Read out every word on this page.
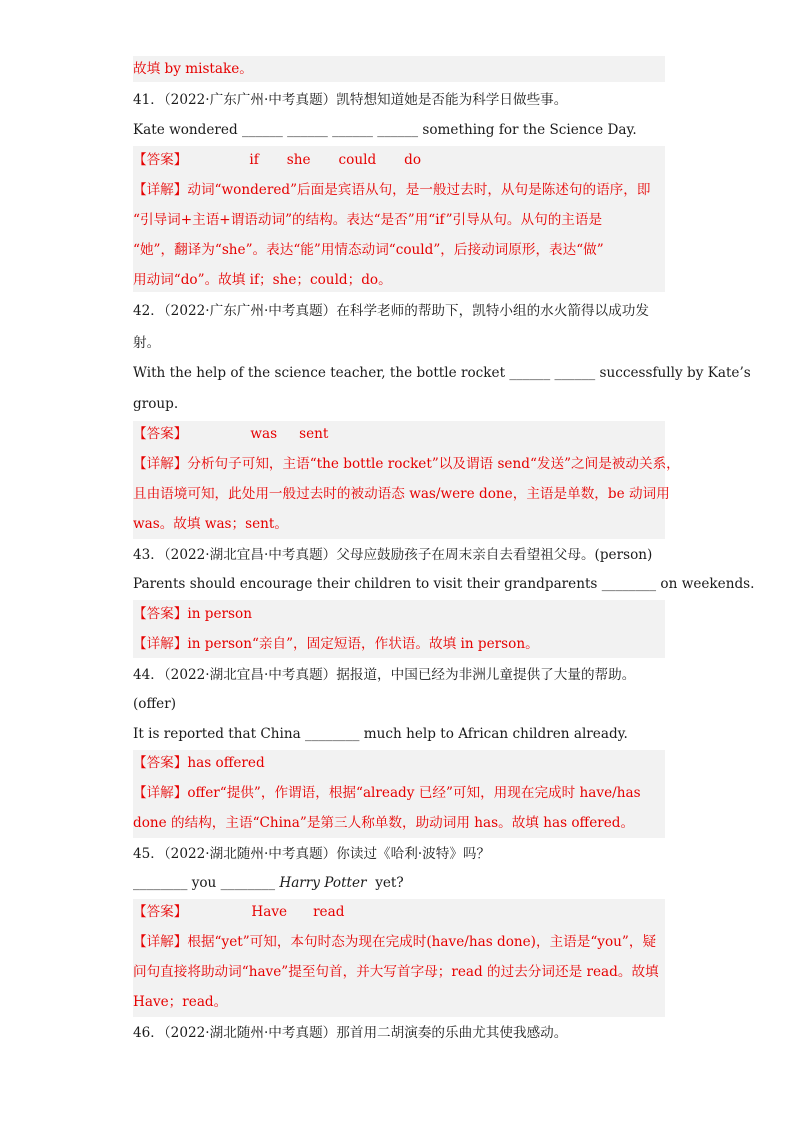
故填 by mistake。
41．（2022·广东广州·中考真题）凯特想知道她是否能为科学日做些事。
Kate wondered ______ ______ ______ ______ something for the Science Day.
【答案】	if she could do
【详解】动词“wondered”后面是宾语从句，是一般过去时，从句是陈述句的语序，即
“引导词+主语+谓语动词”的结构。表达“是否”用“if”引导从句。从句的主语是
“她”，翻译为“she”。表达“能”用情态动词“could”，后接动词原形，表达“做”
用动词“do”。故填 if；she；could；do。
42．（2022·广东广州·中考真题）在科学老师的帮助下，凯特小组的水火箭得以成功发
射。
With the help of the science teacher, the bottle rocket ______ ______ successfully by Kate’s
group.
【答案】	was sent
【详解】分析句子可知，主语“the bottle rocket”以及谓语 send“发送”之间是被动关系，
且由语境可知，此处用一般过去时的被动语态 was/were done，主语是单数，be 动词用
was。故填 was；sent。
43．（2022·湖北宜昌·中考真题）父母应鼓励孩子在周末亲自去看望祖父母。(person)
Parents should encourage their children to visit their grandparents ________ on weekends.
【答案】in person
【详解】in person“亲自”，固定短语，作状语。故填 in person。
44．（2022·湖北宜昌·中考真题）据报道，中国已经为非洲儿童提供了大量的帮助。
(offer)
It is reported that China ________ much help to African children already.
【答案】has offered
【详解】offer“提供”，作谓语，根据“already 已经”可知，用现在完成时 have/has
done 的结构，主语“China”是第三人称单数，助动词用 has。故填 has offered。
45．（2022·湖北随州·中考真题）你读过《哈利·波特》吗？
________ you ________ Harry Potter  yet?
【答案】	Have read
【详解】根据“yet”可知，本句时态为现在完成时(have/has done)，主语是“you”，疑
问句直接将助动词“have”提至句首，并大写首字母；read 的过去分词还是 read。故填
Have；read。
46．（2022·湖北随州·中考真题）那首用二胡演奏的乐曲尤其使我感动。
